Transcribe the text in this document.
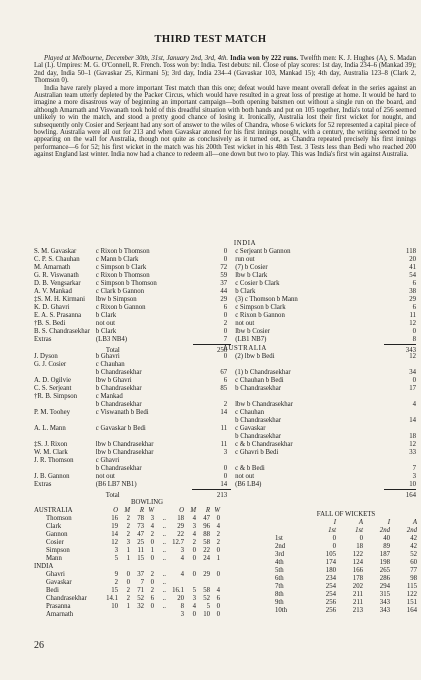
THIRD TEST MATCH

Played at Melbourne, December 30th, 31st, January 2nd, 3rd, 4th. India won by 222 runs. Twelfth men: K. J. Hughes (A), S. Madan Lal (I.). Umpires: M. G. O'Connell, R. French. Toss won by: India. Test debuts: nil. Close of play scores: 1st day, India 234–6 (Mankad 39); 2nd day, India 50–1 (Gavaskar 25, Kirmani 5); 3rd day, India 234–4 (Gavaskar 103, Mankad 15); 4th day, Australia 123–8 (Clark 2, Thomson 0).

India have rarely played a more important Test match than this one; defeat would have meant overall defeat in the series against an Australian team utterly depleted by the Packer Circus, which would have resulted in a great loss of prestige at home. It would be hard to imagine a more disastrous way of beginning an important campaign—both opening batsmen out without a single run on the board, and although Amarnath and Viswanath took hold of this dreadful situation with both hands and put on 105 together, India's total of 256 seemed unlikely to win the match, and stood a pretty good chance of losing it. Ironically, Australia lost their first wicket for nought, and subsequently only Cosier and Serjeant had any sort of answer to the wiles of Chandra, whose 6 wickets for 52 represented a capital piece of bowling. Australia were all out for 213 and when Gavaskar atoned for his first innings nought, with a century, the writing seemed to be appearing on the wall for Australia, though not quite as conclusively as it turned out, as Chandra repeated precisely his first innings performance—6 for 52; his first wicket in the match was his 200th Test wicket in his 48th Test. 3 Tests less than Bedi who reached 200 against England last winter. India now had a chance to redeem all—one down but two to play. This was India's first win against Australia.

INDIA
S. M. Gavaskar	c Rixon b Thomson	0	c Serjeant b Gannon	118
C. P. S. Chauhan	c Mann b Clark	0	run out	20
M. Amarnath	c Simpson b Clark	72	(7) b Cosier	41
G. R. Viswanath	c Rixon b Thomson	59	lbw b Clark	54
D. B. Vengsarkar	c Simpson b Thomson	37	c Cosier b Clark	6
A. V. Mankad	c Clark b Gannon	44	b Clark	38
‡S. M. H. Kirmani	lbw b Simpson	29	(3) c Thomson b Mann	29
K. D. Ghavri	c Rixon b Gannon	6	c Simpson b Clark	6
E. A. S. Prasanna	b Clark	0	c Rixon b Gannon	11
†B. S. Bedi	not out	2	not out	12
B. S. Chandrasekhar	b Clark	0	lbw b Cosier	0
Extras	(LB3 NB4)	7	(LB1 NB7)	8
	Total	256		343
AUSTRALIA
J. Dyson	b Ghavri	0	(2) lbw b Bedi	12
G. J. Cosier	c Chauhan			
	b Chandrasekhar	67	(1) b Chandrasekhar	34
A. D. Ogilvie	lbw b Ghavri	6	c Chauhan b Bedi	0
C. S. Serjeant	b Chandrasekhar	85	b Chandrasekhar	17
†R. B. Simpson	c Mankad			
	b Chandrasekhar	2	lbw b Chandrasekhar	4
P. M. Toohey	c Viswanath b Bedi	14	c Chauhan	
			b Chandrasekhar	14
A. L. Mann	c Gavaskar b Bedi	11	c Gavaskar	
			b Chandrasekhar	18
‡S. J. Rixon	lbw b Chandrasekhar	11	c & b Chandrasekhar	12
W. M. Clark	lbw b Chandrasekhar	3	c Ghavri b Bedi	33
J. R. Thomson	c Ghavri			
	b Chandrasekhar	0	c & b Bedi	7
J. B. Gannon	not out	0	not out	3
Extras	(B6 LB7 NB1)	14	(B6 LB4)	10
	Total	213		164
BOWLING									
AUSTRALIA	O	M	R	W		O	M	R	W
Thomson	16	2	78	3	..	18	4	47	0
Clark	19	2	73	4	..	29	3	96	4
Gannon	14	2	47	2	..	22	4	88	2
Cosier	12	3	25	0	..	12.7	2	58	2
Simpson	3	1	11	1	..	3	0	22	0
Mann	5	1	15	0	..	4	0	24	1
INDIA									
Ghavri	9	0	37	2	..	4	0	29	0
Gavaskar	2	0	7	0	..				
Bedi	15	2	71	2	..	16.1	5	58	4
Chandrasekhar	14.1	2	52	6	..	20	3	52	6
Prasanna	10	1	32	0	..	8	4	5	0
Amarnath						3	0	10	0
FALL OF WICKETS				
	I	A	I	A
	1st	1st	2nd	2nd
1st	0	0	40	42
2nd	0	18	89	42
3rd	105	122	187	52
4th	174	124	198	60
5th	180	166	265	77
6th	234	178	286	98
7th	254	202	294	115
8th	254	211	315	122
9th	256	211	343	151
10th	256	213	343	164
26
